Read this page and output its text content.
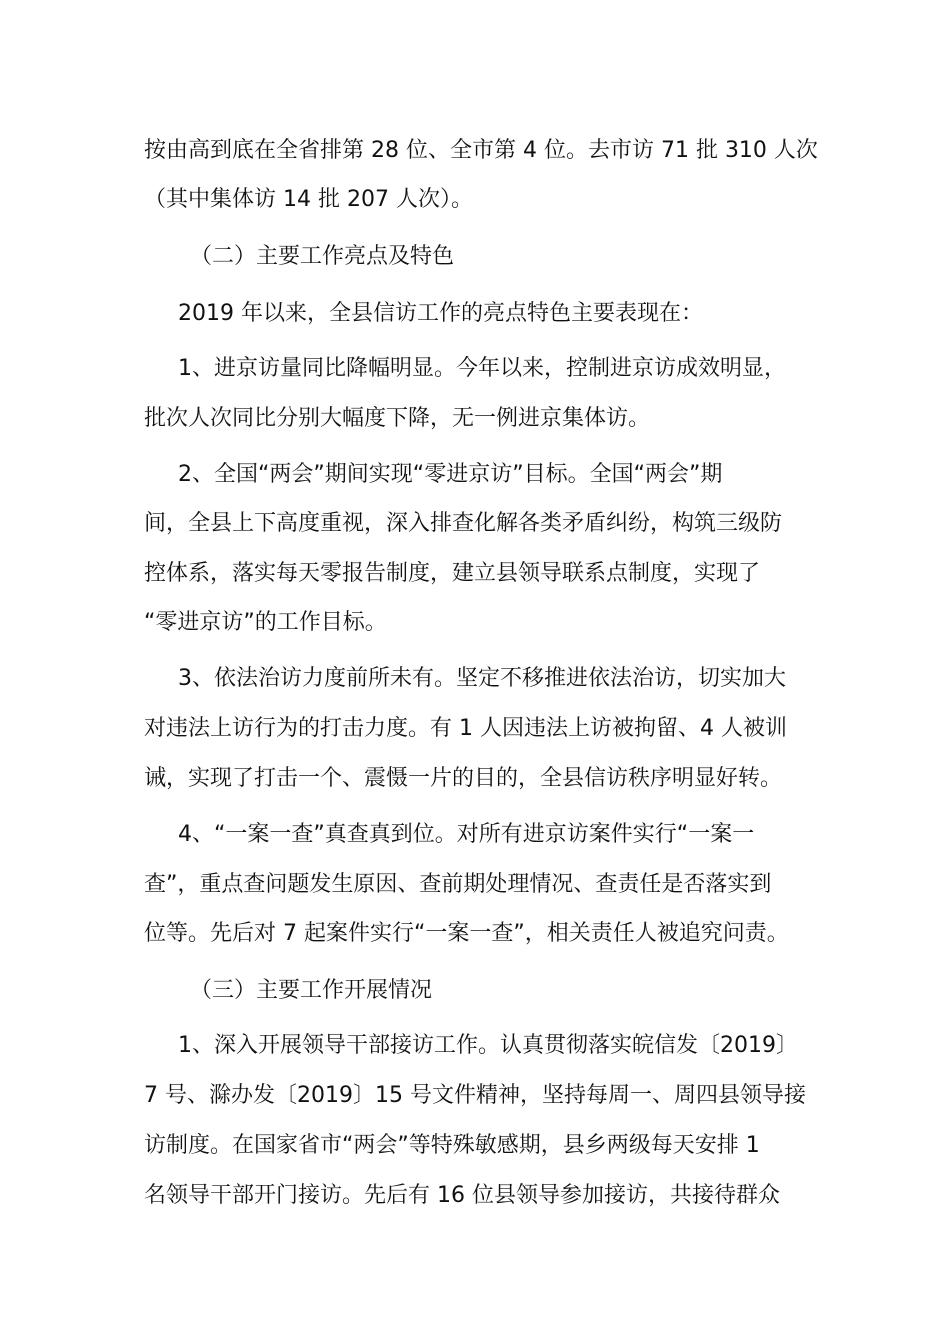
按由高到底在全省排第 28 位、全市第 4 位。去市访 71 批 310 人次
（其中集体访 14 批 207 人次）。
（二）主要工作亮点及特色
2019 年以来，全县信访工作的亮点特色主要表现在：
1、进京访量同比降幅明显。今年以来，控制进京访成效明显，
批次人次同比分别大幅度下降，无一例进京集体访。
2、全国“两会”期间实现“零进京访”目标。全国“两会”期
间，全县上下高度重视，深入排查化解各类矛盾纠纷，构筑三级防
控体系，落实每天零报告制度，建立县领导联系点制度，实现了
“零进京访”的工作目标。
3、依法治访力度前所未有。坚定不移推进依法治访，切实加大
对违法上访行为的打击力度。有 1 人因违法上访被拘留、4 人被训
诫，实现了打击一个、震慑一片的目的，全县信访秩序明显好转。
4、“一案一查”真查真到位。对所有进京访案件实行“一案一
查”，重点查问题发生原因、查前期处理情况、查责任是否落实到
位等。先后对 7 起案件实行“一案一查”，相关责任人被追究问责。
（三）主要工作开展情况
1、深入开展领导干部接访工作。认真贯彻落实皖信发〔2019〕
7 号、滁办发〔2019〕15 号文件精神，坚持每周一、周四县领导接
访制度。在国家省市“两会”等特殊敏感期，县乡两级每天安排 1
名领导干部开门接访。先后有 16 位县领导参加接访，共接待群众
